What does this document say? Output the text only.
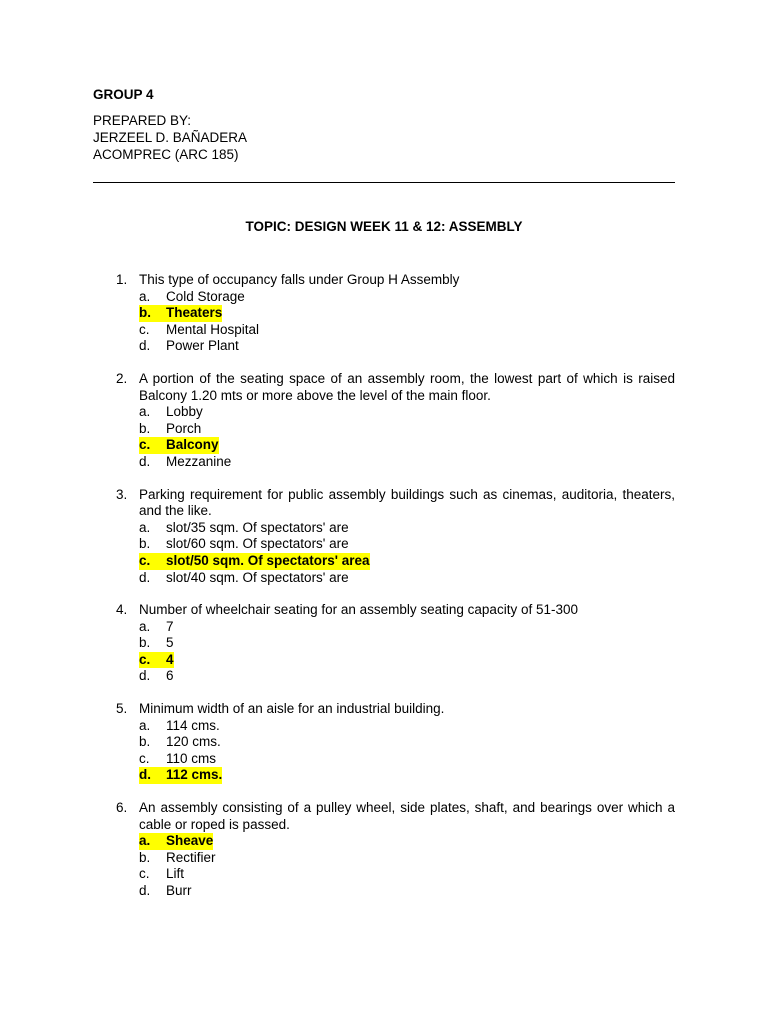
GROUP 4
PREPARED BY:
JERZEEL D. BAÑADERA
ACOMPREC (ARC 185)
TOPIC: DESIGN WEEK 11 & 12: ASSEMBLY
1. This type of occupancy falls under Group H Assembly
a. Cold Storage
b. Theaters
c. Mental Hospital
d. Power Plant
2. A portion of the seating space of an assembly room, the lowest part of which is raised Balcony 1.20 mts or more above the level of the main floor.
a. Lobby
b. Porch
c. Balcony
d. Mezzanine
3. Parking requirement for public assembly buildings such as cinemas, auditoria, theaters, and the like.
a. slot/35 sqm. Of spectators' are
b. slot/60 sqm. Of spectators' are
c. slot/50 sqm. Of spectators' area
d. slot/40 sqm. Of spectators' are
4. Number of wheelchair seating for an assembly seating capacity of 51-300
a. 7
b. 5
c. 4
d. 6
5. Minimum width of an aisle for an industrial building.
a. 114 cms.
b. 120 cms.
c. 110 cms
d. 112 cms.
6. An assembly consisting of a pulley wheel, side plates, shaft, and bearings over which a cable or roped is passed.
a. Sheave
b. Rectifier
c. Lift
d. Burr
